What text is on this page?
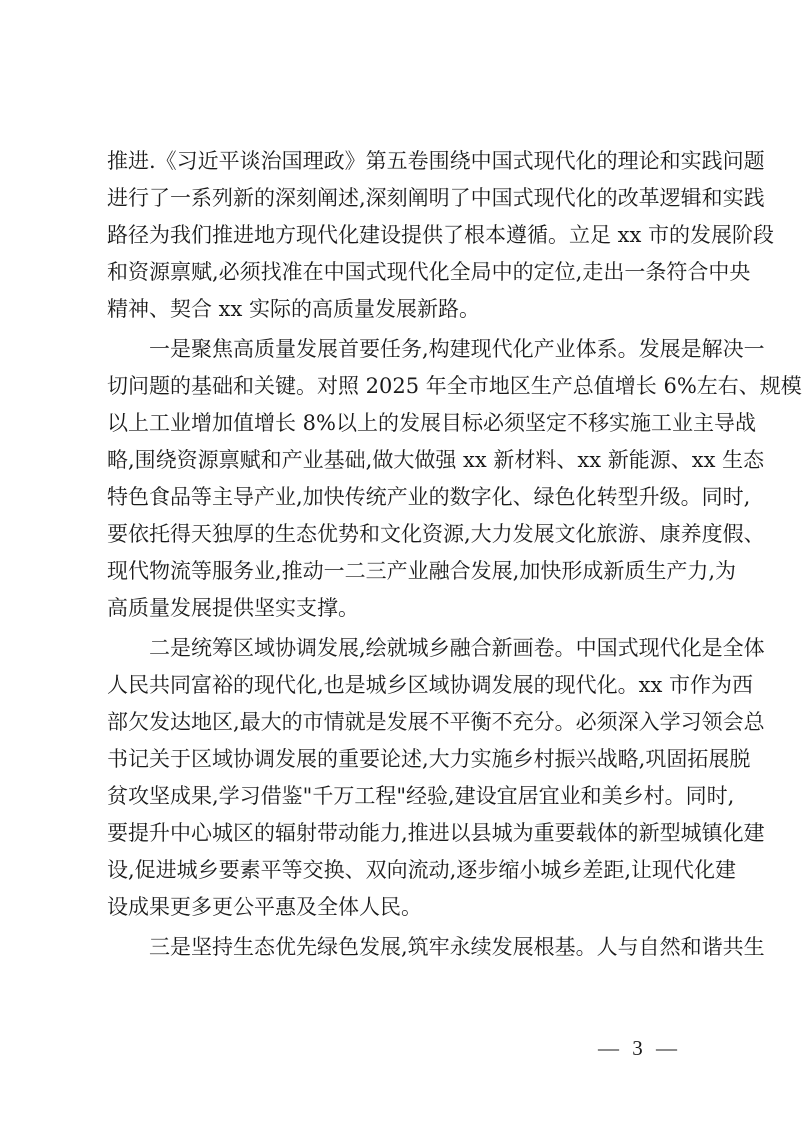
推进.《习近平谈治国理政》第五卷围绕中国式现代化的理论和实践问题
进行了一系列新的深刻阐述,深刻阐明了中国式现代化的改革逻辑和实践
路径为我们推进地方现代化建设提供了根本遵循。立足 xx 市的发展阶段
和资源禀赋,必须找准在中国式现代化全局中的定位,走出一条符合中央
精神、契合 xx 实际的高质量发展新路。
一是聚焦高质量发展首要任务,构建现代化产业体系。发展是解决一
切问题的基础和关键。对照 2025 年全市地区生产总值增长 6%左右、规模
以上工业增加值增长 8%以上的发展目标必须坚定不移实施工业主导战
略,围绕资源禀赋和产业基础,做大做强 xx 新材料、xx 新能源、xx 生态
特色食品等主导产业,加快传统产业的数字化、绿色化转型升级。同时,
要依托得天独厚的生态优势和文化资源,大力发展文化旅游、康养度假、
现代物流等服务业,推动一二三产业融合发展,加快形成新质生产力,为
高质量发展提供坚实支撑。
二是统筹区域协调发展,绘就城乡融合新画卷。中国式现代化是全体
人民共同富裕的现代化,也是城乡区域协调发展的现代化。xx 市作为西
部欠发达地区,最大的市情就是发展不平衡不充分。必须深入学习领会总
书记关于区域协调发展的重要论述,大力实施乡村振兴战略,巩固拓展脱
贫攻坚成果,学习借鉴"千万工程"经验,建设宜居宜业和美乡村。同时,
要提升中心城区的辐射带动能力,推进以县城为重要载体的新型城镇化建
设,促进城乡要素平等交换、双向流动,逐步缩小城乡差距,让现代化建
设成果更多更公平惠及全体人民。
三是坚持生态优先绿色发展,筑牢永续发展根基。人与自然和谐共生
— 3 —
